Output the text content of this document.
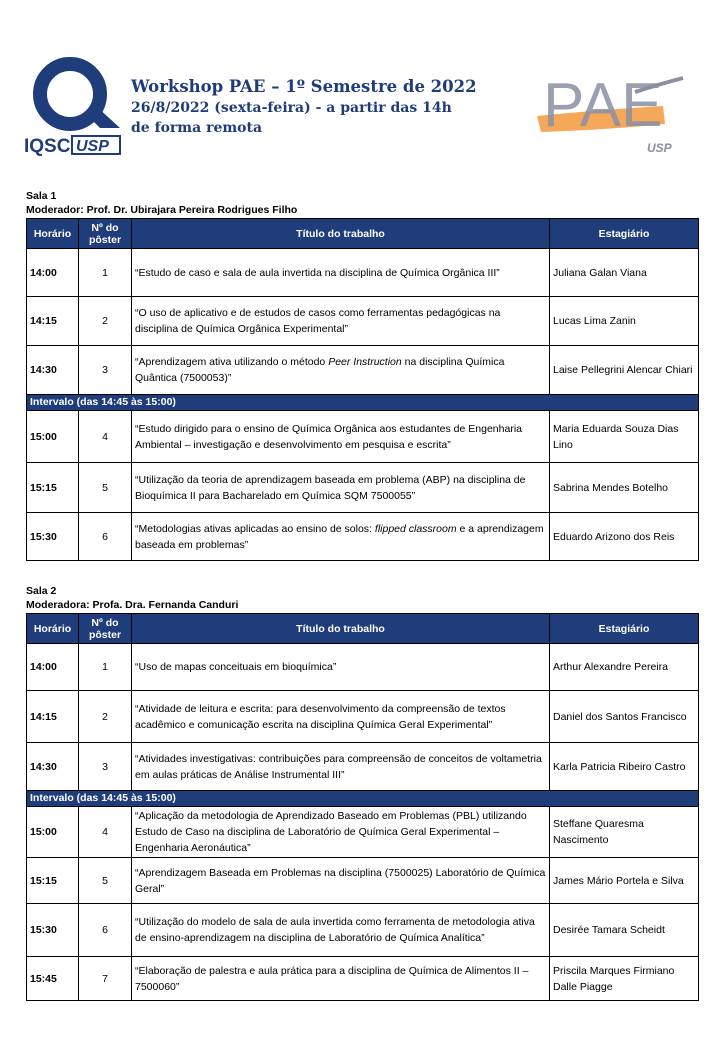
IQSC USP
PAE
USP
Workshop PAE – 1º Semestre de 2022
26/8/2022 (sexta-feira) - a partir das 14h
de forma remota
Sala 1
Moderador: Prof. Dr. Ubirajara Pereira Rodrigues Filho
Horário	Nº do pôster	Título do trabalho	Estagiário
14:00	1	“Estudo de caso e sala de aula invertida na disciplina de Química Orgânica III”	Juliana Galan Viana
14:15	2	“O uso de aplicativo e de estudos de casos como ferramentas pedagógicas na disciplina de Química Orgânica Experimental”	Lucas Lima Zanin
14:30	3	“Aprendizagem ativa utilizando o método Peer Instruction na disciplina Química Quântica (7500053)”	Laise Pellegrini Alencar Chiari
Intervalo (das 14:45 às 15:00)			
15:00	4	“Estudo dirigido para o ensino de Química Orgânica aos estudantes de Engenharia Ambiental – investigação e desenvolvimento em pesquisa e escrita”	Maria Eduarda Souza Dias Lino
15:15	5	“Utilização da teoria de aprendizagem baseada em problema (ABP) na disciplina de Bioquímica II para Bacharelado em Química SQM 7500055”	Sabrina Mendes Botelho
15:30	6	“Metodologias ativas aplicadas ao ensino de solos: flipped classroom e a aprendizagem baseada em problemas”	Eduardo Arizono dos Reis
Sala 2
Moderadora: Profa. Dra. Fernanda Canduri
Horário	Nº do pôster	Título do trabalho	Estagiário
14:00	1	“Uso de mapas conceituais em bioquímica”	Arthur Alexandre Pereira
14:15	2	“Atividade de leitura e escrita: para desenvolvimento da compreensão de textos acadêmico e comunicação escrita na disciplina Química Geral Experimental”	Daniel dos Santos Francisco
14:30	3	“Atividades investigativas: contribuições para compreensão de conceitos de voltametria em aulas práticas de Análise Instrumental III”	Karla Patricia Ribeiro Castro
Intervalo (das 14:45 às 15:00)			
15:00	4	“Aplicação da metodologia de Aprendizado Baseado em Problemas (PBL) utilizando Estudo de Caso na disciplina de Laboratório de Química Geral Experimental – Engenharia Aeronáutica”	Steffane Quaresma Nascimento
15:15	5	“Aprendizagem Baseada em Problemas na disciplina (7500025) Laboratório de Química Geral”	James Mário Portela e Silva
15:30	6	“Utilização do modelo de sala de aula invertida como ferramenta de metodologia ativa de ensino-aprendizagem na disciplina de Laboratório de Química Analítica”	Desirée Tamara Scheidt
15:45	7	“Elaboração de palestra e aula prática para a disciplina de Química de Alimentos II – 7500060”	Priscila Marques Firmiano Dalle Piagge
